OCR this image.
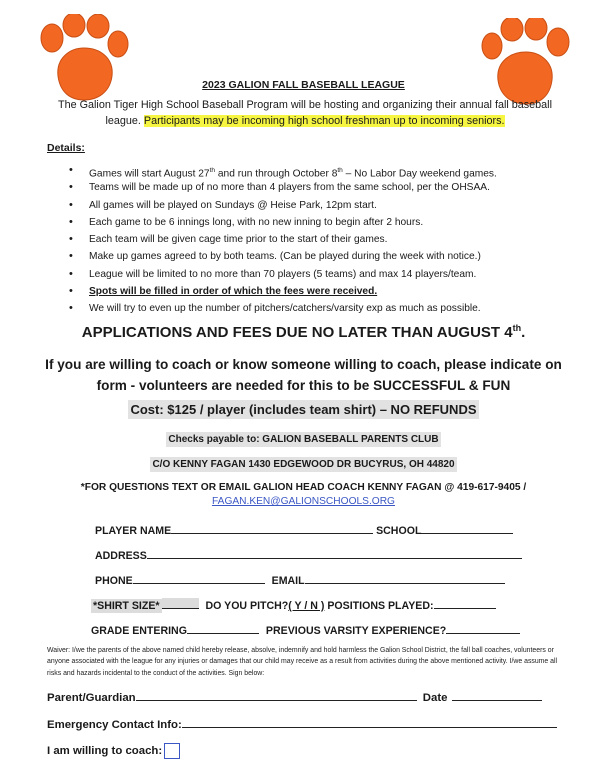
2023 GALION FALL BASEBALL LEAGUE
The Galion Tiger High School Baseball Program will be hosting and organizing their annual fall baseball league. Participants may be incoming high school freshman up to incoming seniors.
Details:
• Games will start August 27th and run through October 8th – No Labor Day weekend games.
• Teams will be made up of no more than 4 players from the same school, per the OHSAA.
• All games will be played on Sundays @ Heise Park, 12pm start.
• Each game to be 6 innings long, with no new inning to begin after 2 hours.
• Each team will be given cage time prior to the start of their games.
• Make up games agreed to by both teams. (Can be played during the week with notice.)
• League will be limited to no more than 70 players (5 teams) and max 14 players/team.
• Spots will be filled in order of which the fees were received.
• We will try to even up the number of pitchers/catchers/varsity exp as much as possible.
APPLICATIONS AND FEES DUE NO LATER THAN AUGUST 4th.
If you are willing to coach or know someone willing to coach, please indicate on form - volunteers are needed for this to be SUCCESSFUL & FUN
Cost: $125 / player (includes team shirt) – NO REFUNDS
Checks payable to: GALION BASEBALL PARENTS CLUB
C/O KENNY FAGAN 1430 EDGEWOOD DR BUCYRUS, OH 44820
*FOR QUESTIONS TEXT OR EMAIL GALION HEAD COACH KENNY FAGAN @ 419-617-9405 /
FAGAN.KEN@GALIONSCHOOLS.ORG
PLAYER NAME	SCHOOL
ADDRESS
PHONE	EMAIL
*SHIRT SIZE*	DO YOU PITCH?( Y / N ) POSITIONS PLAYED:
GRADE ENTERING	PREVIOUS VARSITY EXPERIENCE?
Waiver: I/we the parents of the above named child hereby release, absolve, indemnify and hold harmless the Galion School District, the fall ball coaches, volunteers or anyone associated with the league for any injuries or damages that our child may receive as a result from activities during the above mentioned activity. I/we assume all risks and hazards incidental to the conduct of the activities. Sign below:
Parent/Guardian	Date
Emergency Contact Info:
I am willing to coach:
